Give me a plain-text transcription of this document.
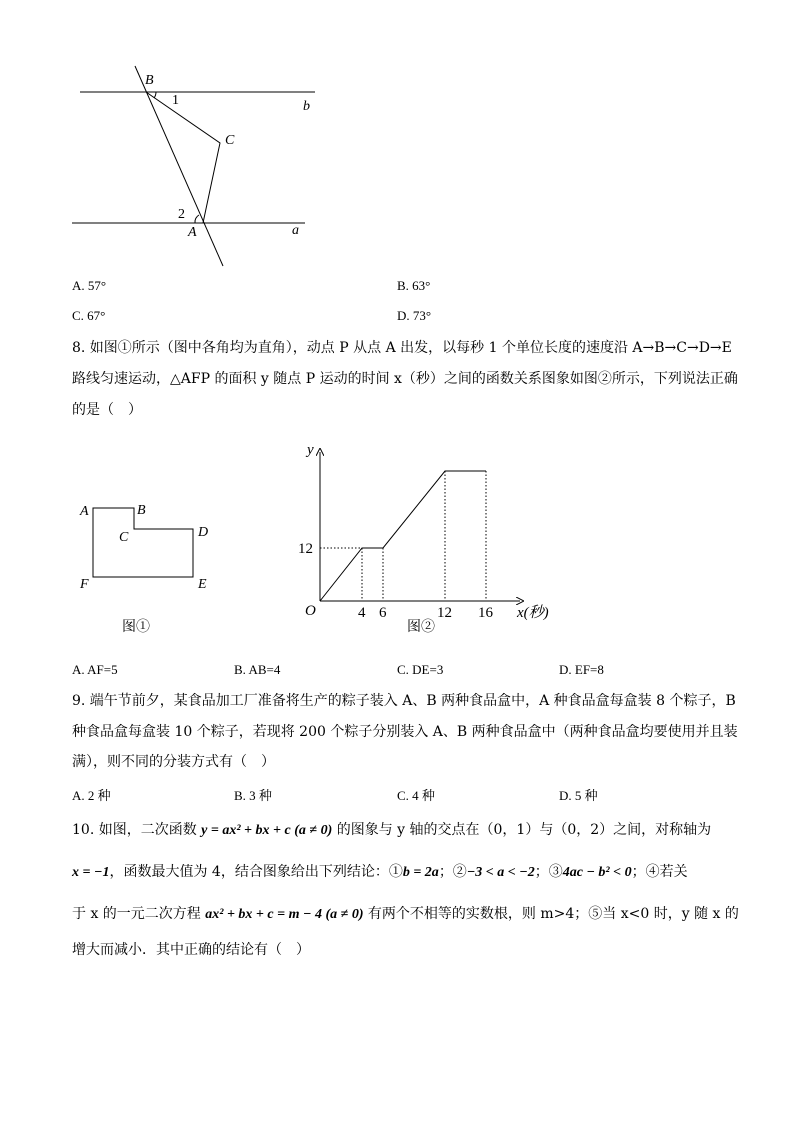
B
1	b
C
2
A	a
A. 57°	B. 63°
C. 67°	D. 73°
8. 如图①所示（图中各角均为直角），动点 P 从点 A 出发，以每秒 1 个单位长度的速度沿 A→B→C→D→E
路线匀速运动，△AFP 的面积 y 随点 P 运动的时间 x（秒）之间的函数关系图象如图②所示，下列说法正确
的是（　）
A	B
C	D
E
F
图①
y
x(秒)
O
12
4 6	12 16
图②
A. AF=5	B. AB=4	C. DE=3	D. EF=8
9. 端午节前夕，某食品加工厂准备将生产的粽子装入 A、B 两种食品盒中，A 种食品盒每盒装 8 个粽子，B
种食品盒每盒装 10 个粽子，若现将 200 个粽子分别装入 A、B 两种食品盒中（两种食品盒均要使用并且装
满），则不同的分装方式有（　）
A. 2 种	B. 3 种	C. 4 种	D. 5 种
10. 如图，二次函数 y = ax² + bx + c (a ≠ 0) 的图象与 y 轴的交点在（0，1）与（0，2）之间，对称轴为
x = −1，函数最大值为 4，结合图象给出下列结论：①b = 2a；②−3 < a < −2；③4ac − b² < 0；④若关
于 x 的一元二次方程 ax² + bx + c = m − 4 (a ≠ 0) 有两个不相等的实数根，则 m>4；⑤当 x<0 时，y 随 x 的
增大而减小．其中正确的结论有（　）
